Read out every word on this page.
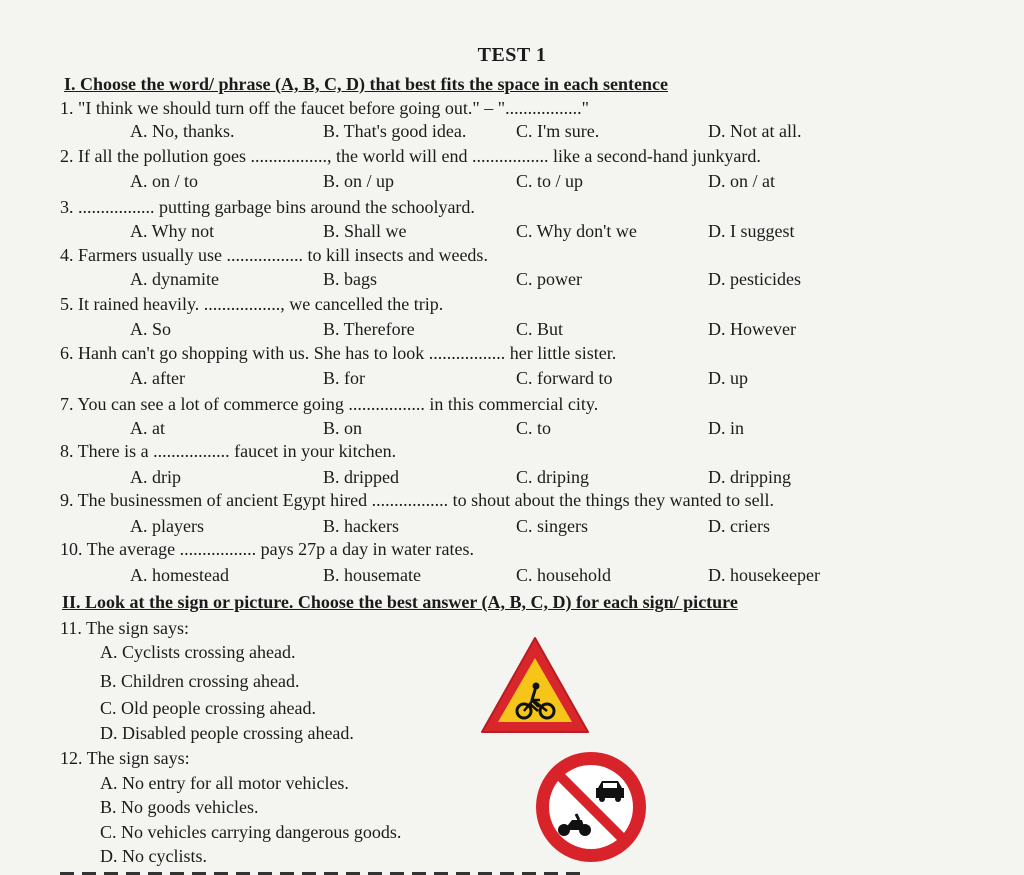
TEST 1
I. Choose the word/ phrase (A, B, C, D) that best fits the space in each sentence
1. "I think we should turn off the faucet before going out." – "................."
A. No, thanks.	B. That's good idea.	C. I'm sure.	D. Not at all.
2. If all the pollution goes ................., the world will end ................. like a second-hand junkyard.
A. on / to	B. on / up	C. to / up	D. on / at
3. ................. putting garbage bins around the schoolyard.
A. Why not	B. Shall we	C. Why don't we	D. I suggest
4. Farmers usually use ................. to kill insects and weeds.
A. dynamite	B. bags	C. power	D. pesticides
5. It rained heavily. ................., we cancelled the trip.
A. So	B. Therefore	C. But	D. However
6. Hanh can't go shopping with us. She has to look ................. her little sister.
A. after	B. for	C. forward to	D. up
7. You can see a lot of commerce going ................. in this commercial city.
A. at	B. on	C. to	D. in
8. There is a ................. faucet in your kitchen.
A. drip	B. dripped	C. driping	D. dripping
9. The businessmen of ancient Egypt hired ................. to shout about the things they wanted to sell.
A. players	B. hackers	C. singers	D. criers
10. The average ................. pays 27p a day in water rates.
A. homestead	B. housemate	C. household	D. housekeeper
II. Look at the sign or picture. Choose the best answer (A, B, C, D) for each sign/ picture
11. The sign says:
A. Cyclists crossing ahead.
B. Children crossing ahead.
C. Old people crossing ahead.
D. Disabled people crossing ahead.
12. The sign says:
A. No entry for all motor vehicles.
B. No goods vehicles.
C. No vehicles carrying dangerous goods.
D. No cyclists.
